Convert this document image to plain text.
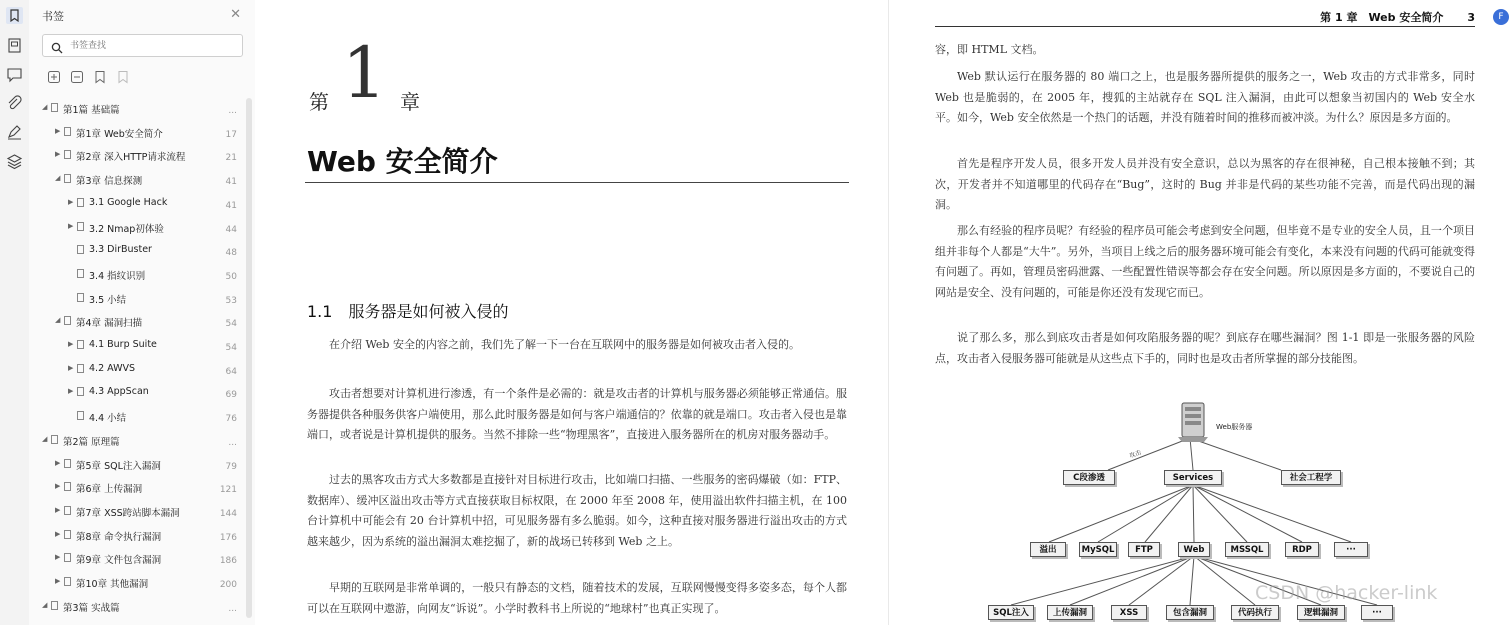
书签	✕
书签查找
◢ 第1篇 基础篇	...
▶ 第1章 Web安全简介	17
▶ 第2章 深入HTTP请求流程	21
◢ 第3章 信息探测	41
▶ 3.1 Google Hack	41
▶ 3.2 Nmap初体验	44
3.3 DirBuster	48
3.4 指纹识别	50
3.5 小结	53
◢ 第4章 漏洞扫描	54
▶ 4.1 Burp Suite	54
▶ 4.2 AWVS	64
▶ 4.3 AppScan	69
4.4 小结	76
◢ 第2篇 原理篇	...
▶ 第5章 SQL注入漏洞	79
▶ 第6章 上传漏洞	121
▶ 第7章 XSS跨站脚本漏洞	144
▶ 第8章 命令执行漏洞	176
▶ 第9章 文件包含漏洞	186
▶ 第10章 其他漏洞	200
◢ 第3篇 实战篇	...
第 1 章
Web 安全简介
1.1　服务器是如何被入侵的

在介绍 Web 安全的内容之前，我们先了解一下一台在互联网中的服务器是如何被攻击者入侵的。

攻击者想要对计算机进行渗透，有一个条件是必需的：就是攻击者的计算机与服务器必须能够正常通信。服务器提供各种服务供客户端使用，那么此时服务器是如何与客户端通信的？依靠的就是端口。攻击者入侵也是靠端口，或者说是计算机提供的服务。当然不排除一些“物理黑客”，直接进入服务器所在的机房对服务器动手。

过去的黑客攻击方式大多数都是直接针对目标进行攻击，比如端口扫描、一些服务的密码爆破（如：FTP、数据库）、缓冲区溢出攻击等方式直接获取目标权限，在 2000 年至 2008 年，使用溢出软件扫描主机，在 100 台计算机中可能会有 20 台计算机中招，可见服务器有多么脆弱。如今，这种直接对服务器进行溢出攻击的方式越来越少，因为系统的溢出漏洞太难挖掘了，新的战场已转移到 Web 之上。

早期的互联网是非常单调的，一般只有静态的文档，随着技术的发展，互联网慢慢变得多姿多态，每个人都可以在互联网中遨游，向网友“诉说”。小学时教科书上所说的“地球村”也真正实现了。

第 1 章　Web 安全简介 3

容，即 HTML 文档。

Web 默认运行在服务器的 80 端口之上，也是服务器所提供的服务之一，Web 攻击的方式非常多，同时 Web 也是脆弱的，在 2005 年，搜狐的主站就存在 SQL 注入漏洞，由此可以想象当初国内的 Web 安全水平。如今，Web 安全依然是一个热门的话题，并没有随着时间的推移而被冲淡。为什么？原因是多方面的。

首先是程序开发人员，很多开发人员并没有安全意识，总以为黑客的存在很神秘，自己根本接触不到；其次，开发者并不知道哪里的代码存在“Bug”，这时的 Bug 并非是代码的某些功能不完善，而是代码出现的漏洞。

那么有经验的程序员呢？有经验的程序员可能会考虑到安全问题，但毕竟不是专业的安全人员，且一个项目组并非每个人都是“大牛”。另外，当项目上线之后的服务器环境可能会有变化，本来没有问题的代码可能就变得有问题了。再如，管理员密码泄露、一些配置性错误等都会存在安全问题。所以原因是多方面的，不要说自己的网站是安全、没有问题的，可能是你还没有发现它而已。

说了那么多，那么到底攻击者是如何攻陷服务器的呢？到底存在哪些漏洞？图 1-1 即是一张服务器的风险点，攻击者入侵服务器可能就是从这些点下手的，同时也是攻击者所掌握的部分技能图。

Web服务器
攻击
C段渗透	Services	社会工程学
溢出	MySQL	FTP	Web	MSSQL	RDP	···
SQL注入	上传漏洞	XSS	包含漏洞	代码执行	逻辑漏洞	···
F
CSDN @hacker-link
